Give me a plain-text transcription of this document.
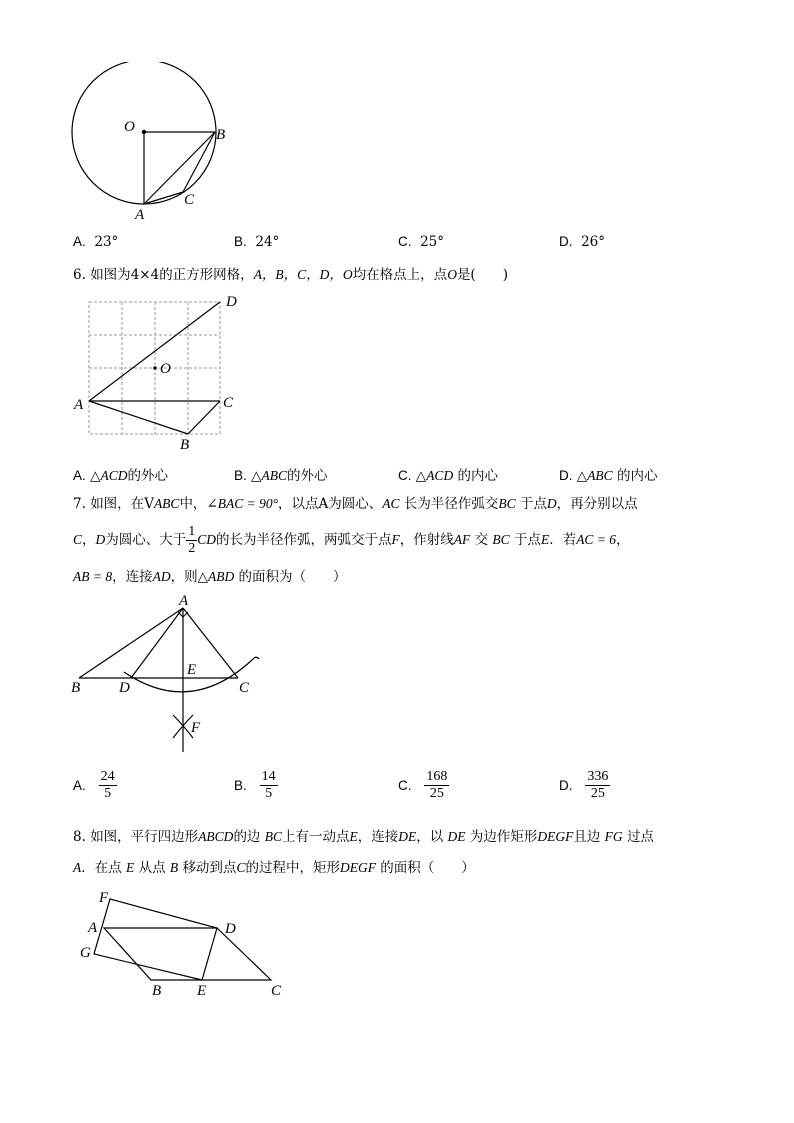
O	B
C
A
A. 23°	B. 24°	C. 25°	D. 26°
6. 如图为4×4的正方形网格，A，B，C，D，O均在格点上，点O是(　　)
D
O
A	C
B
A. △ACD的外心	B. △ABC的外心	C. △ACD 的内心	D. △ABC 的内心
7. 如图，在VABC中，∠BAC = 90°，以点A为圆心、AC 长为半径作弧交BC 于点D，再分别以点
C，D为圆心、大于 $\frac{1}{2}$ CD的长为半径作弧，两弧交于点F，作射线AF 交 BC 于点E．若AC = 6，
AB = 8，连接AD，则△ABD 的面积为（　　）
A
E
B	D	C
F
A. $\frac{24}{5}$	B. $\frac{14}{5}$	C. $\frac{168}{25}$	D. $\frac{336}{25}$
8. 如图，平行四边形ABCD的边 BC上有一动点E，连接DE，以 DE 为边作矩形DEGF且边 FG 过点
A．在点 E 从点 B 移动到点C的过程中，矩形DEGF 的面积（　　）
F
A	D
G
B E	C
